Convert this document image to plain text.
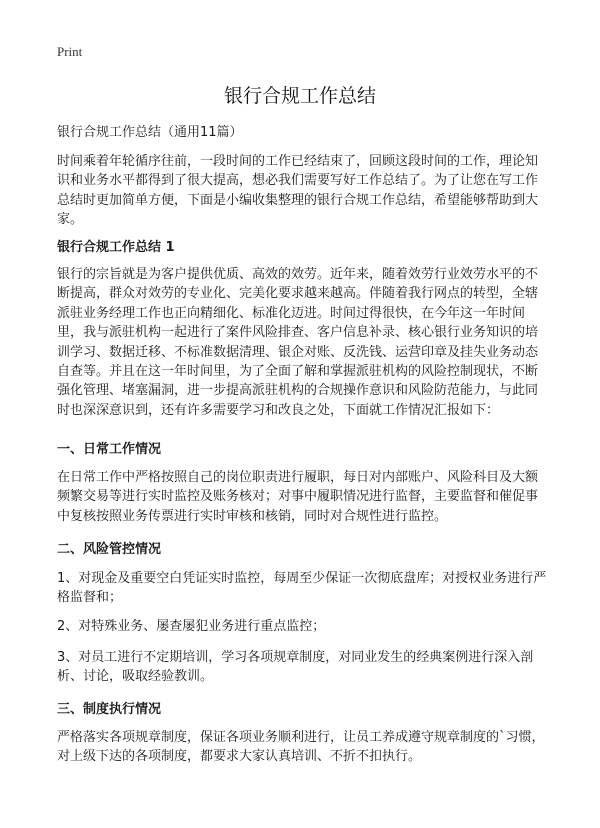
Print
银行合规工作总结
银行合规工作总结（通用11篇）

时间乘着年轮循序往前，一段时间的工作已经结束了，回顾这段时间的工作，理论知识和业务水平都得到了很大提高，想必我们需要写好工作总结了。为了让您在写工作总结时更加简单方便，下面是小编收集整理的银行合规工作总结，希望能够帮助到大家。

银行合规工作总结 1

银行的宗旨就是为客户提供优质、高效的效劳。近年来，随着效劳行业效劳水平的不断提高，群众对效劳的专业化、完美化要求越来越高。伴随着我行网点的转型，全辖派驻业务经理工作也正向精细化、标准化迈进。时间过得很快，在今年这一年时间里，我与派驻机构一起进行了案件风险排查、客户信息补录、核心银行业务知识的培训学习、数据迁移、不标准数据清理、银企对账、反洗钱、运营印章及挂失业务动态自查等。并且在这一年时间里，为了全面了解和掌握派驻机构的风险控制现状，不断强化管理、堵塞漏洞，进一步提高派驻机构的合规操作意识和风险防范能力，与此同时也深深意识到，还有许多需要学习和改良之处，下面就工作情况汇报如下：

一、日常工作情况

在日常工作中严格按照自己的岗位职责进行履职，每日对内部账户、风险科目及大额频繁交易等进行实时监控及账务核对；对事中履职情况进行监督，主要监督和催促事中复核按照业务传票进行实时审核和核销，同时对合规性进行监控。

二、风险管控情况

1、对现金及重要空白凭证实时监控，每周至少保证一次彻底盘库；对授权业务进行严格监督和；

2、对特殊业务、屡查屡犯业务进行重点监控；

3、对员工进行不定期培训，学习各项规章制度，对同业发生的经典案例进行深入剖析、讨论，吸取经验教训。

三、制度执行情况

严格落实各项规章制度，保证各项业务顺利进行，让员工养成遵守规章制度的`习惯，对上级下达的各项制度，都要求大家认真培训、不折不扣执行。
